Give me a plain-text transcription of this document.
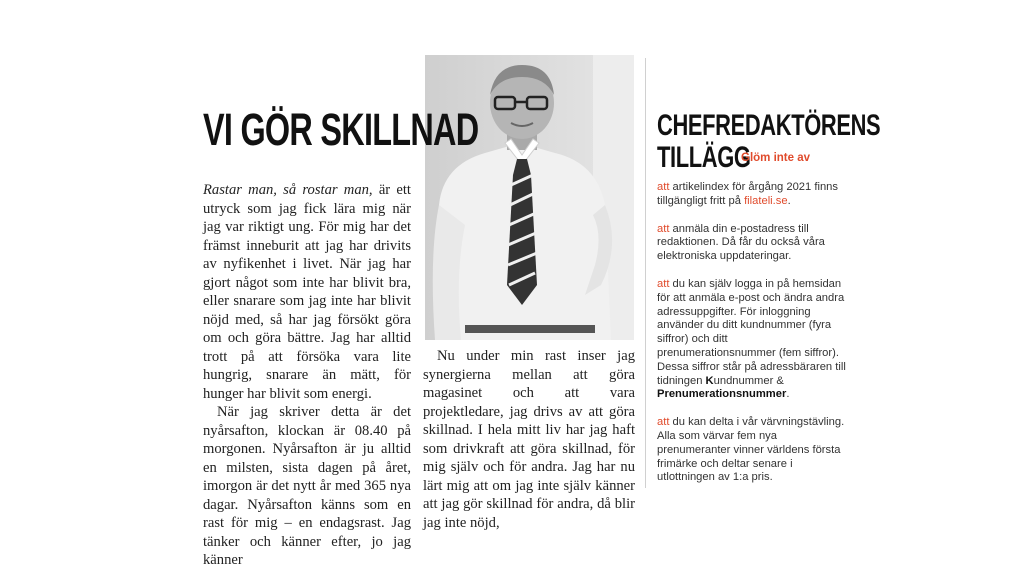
VI GÖR SKILLNAD

Rastar man, så rostar man, är ett utryck som jag fick lära mig när jag var riktigt ung. För mig har det främst inneburit att jag har drivits av nyfikenhet i livet. När jag har gjort något som inte har blivit bra, eller snarare som jag inte har blivit nöjd med, så har jag försökt göra om och göra bättre. Jag har alltid trott på att försöka vara lite hungrig, snarare än mätt, för hunger har blivit som energi.

När jag skriver detta är det nyårsafton, klockan är 08.40 på morgonen. Nyårsafton är ju alltid en milsten, sista dagen på året, imorgon är det nytt år med 365 nya dagar. Nyårsafton känns som en rast för mig – en endagsrast. Jag tänker och känner efter, jo jag känner

Nu under min rast inser jag synergierna mellan att göra magasinet och att vara projektledare, jag drivs av att göra skillnad. I hela mitt liv har jag haft som drivkraft att göra skillnad, för mig själv och för andra. Jag har nu lärt mig att om jag inte själv känner att jag gör skillnad för andra, då blir jag inte nöjd,

CHEFREDAKTÖRENS
TILLÄGG
Glöm inte av

att artikelindex för årgång 2021 finns tillgängligt fritt på filateli.se.

att anmäla din e-postadress till redaktionen. Då får du också våra elektroniska uppdateringar.

att du kan själv logga in på hemsidan för att anmäla e-post och ändra andra adressuppgifter. För inloggning använder du ditt kundnummer (fyra siffror) och ditt prenumerationsnummer (fem siffror). Dessa siffror står på adressbäraren till tidningen Kundnummer & Prenumerationsnummer.

att du kan delta i vår värvningstävling. Alla som värvar fem nya prenumeranter vinner världens första frimärke och deltar senare i utlottningen av 1:a pris.
